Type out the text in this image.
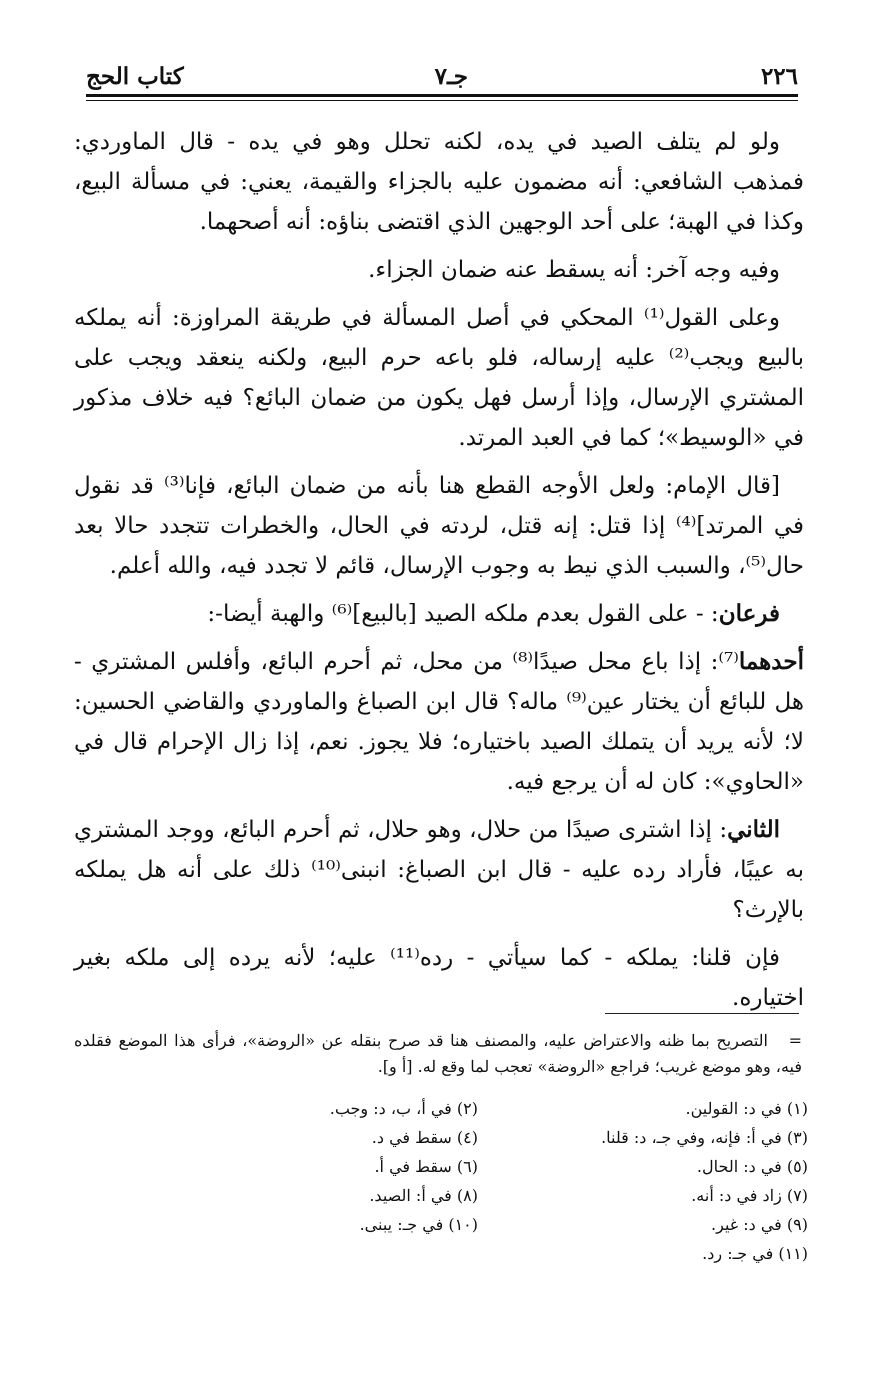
٢٢٦
جـ٧
كتاب الحج

ولو لم يتلف الصيد في يده، لكنه تحلل وهو في يده - قال الماوردي: فمذهب الشافعي: أنه مضمون عليه بالجزاء والقيمة، يعني: في مسألة البيع، وكذا في الهبة؛ على أحد الوجهين الذي اقتضى بناؤه: أنه أصحهما.

وفيه وجه آخر: أنه يسقط عنه ضمان الجزاء.

وعلى القول⁽¹⁾ المحكي في أصل المسألة في طريقة المراوزة: أنه يملكه بالبيع ويجب⁽²⁾ عليه إرساله، فلو باعه حرم البيع، ولكنه ينعقد ويجب على المشتري الإرسال، وإذا أرسل فهل يكون من ضمان البائع؟ فيه خلاف مذكور في «الوسيط»؛ كما في العبد المرتد.

[قال الإمام: ولعل الأوجه القطع هنا بأنه من ضمان البائع، فإنا⁽³⁾ قد نقول في المرتد]⁽⁴⁾ إذا قتل: إنه قتل، لردته في الحال، والخطرات تتجدد حالا بعد حال⁽⁵⁾، والسبب الذي نيط به وجوب الإرسال، قائم لا تجدد فيه، والله أعلم.

فرعان: - على القول بعدم ملكه الصيد [بالبيع]⁽⁶⁾ والهبة أيضا-:

أحدهما⁽⁷⁾: إذا باع محل صيدًا⁽⁸⁾ من محل، ثم أحرم البائع، وأفلس المشتري - هل للبائع أن يختار عين⁽⁹⁾ ماله؟ قال ابن الصباغ والماوردي والقاضي الحسين: لا؛ لأنه يريد أن يتملك الصيد باختياره؛ فلا يجوز. نعم، إذا زال الإحرام قال في «الحاوي»: كان له أن يرجع فيه.

الثاني: إذا اشترى صيدًا من حلال، وهو حلال، ثم أحرم البائع، ووجد المشتري به عيبًا، فأراد رده عليه - قال ابن الصباغ: انبنى⁽¹⁰⁾ ذلك على أنه هل يملكه بالإرث؟

فإن قلنا: يملكه - كما سيأتي - رده⁽¹¹⁾ عليه؛ لأنه يرده إلى ملكه بغير اختياره.

=التصريح بما ظنه والاعتراض عليه، والمصنف هنا قد صرح بنقله عن «الروضة»، فرأى هذا الموضع فقلده فيه، وهو موضع غريب؛ فراجع «الروضة» تعجب لما وقع له. [أ و].
(١) في د: القولين.
(٢) في أ، ب، د: وجب.
(٣) في أ: فإنه، وفي جـ، د: قلنا.
(٤) سقط في د.
(٥) في د: الحال.
(٦) سقط في أ.
(٧) زاد في د: أنه.
(٨) في أ: الصيد.
(٩) في د: غير.
(١٠) في جـ: يبنى.
(١١) في جـ: رد.
